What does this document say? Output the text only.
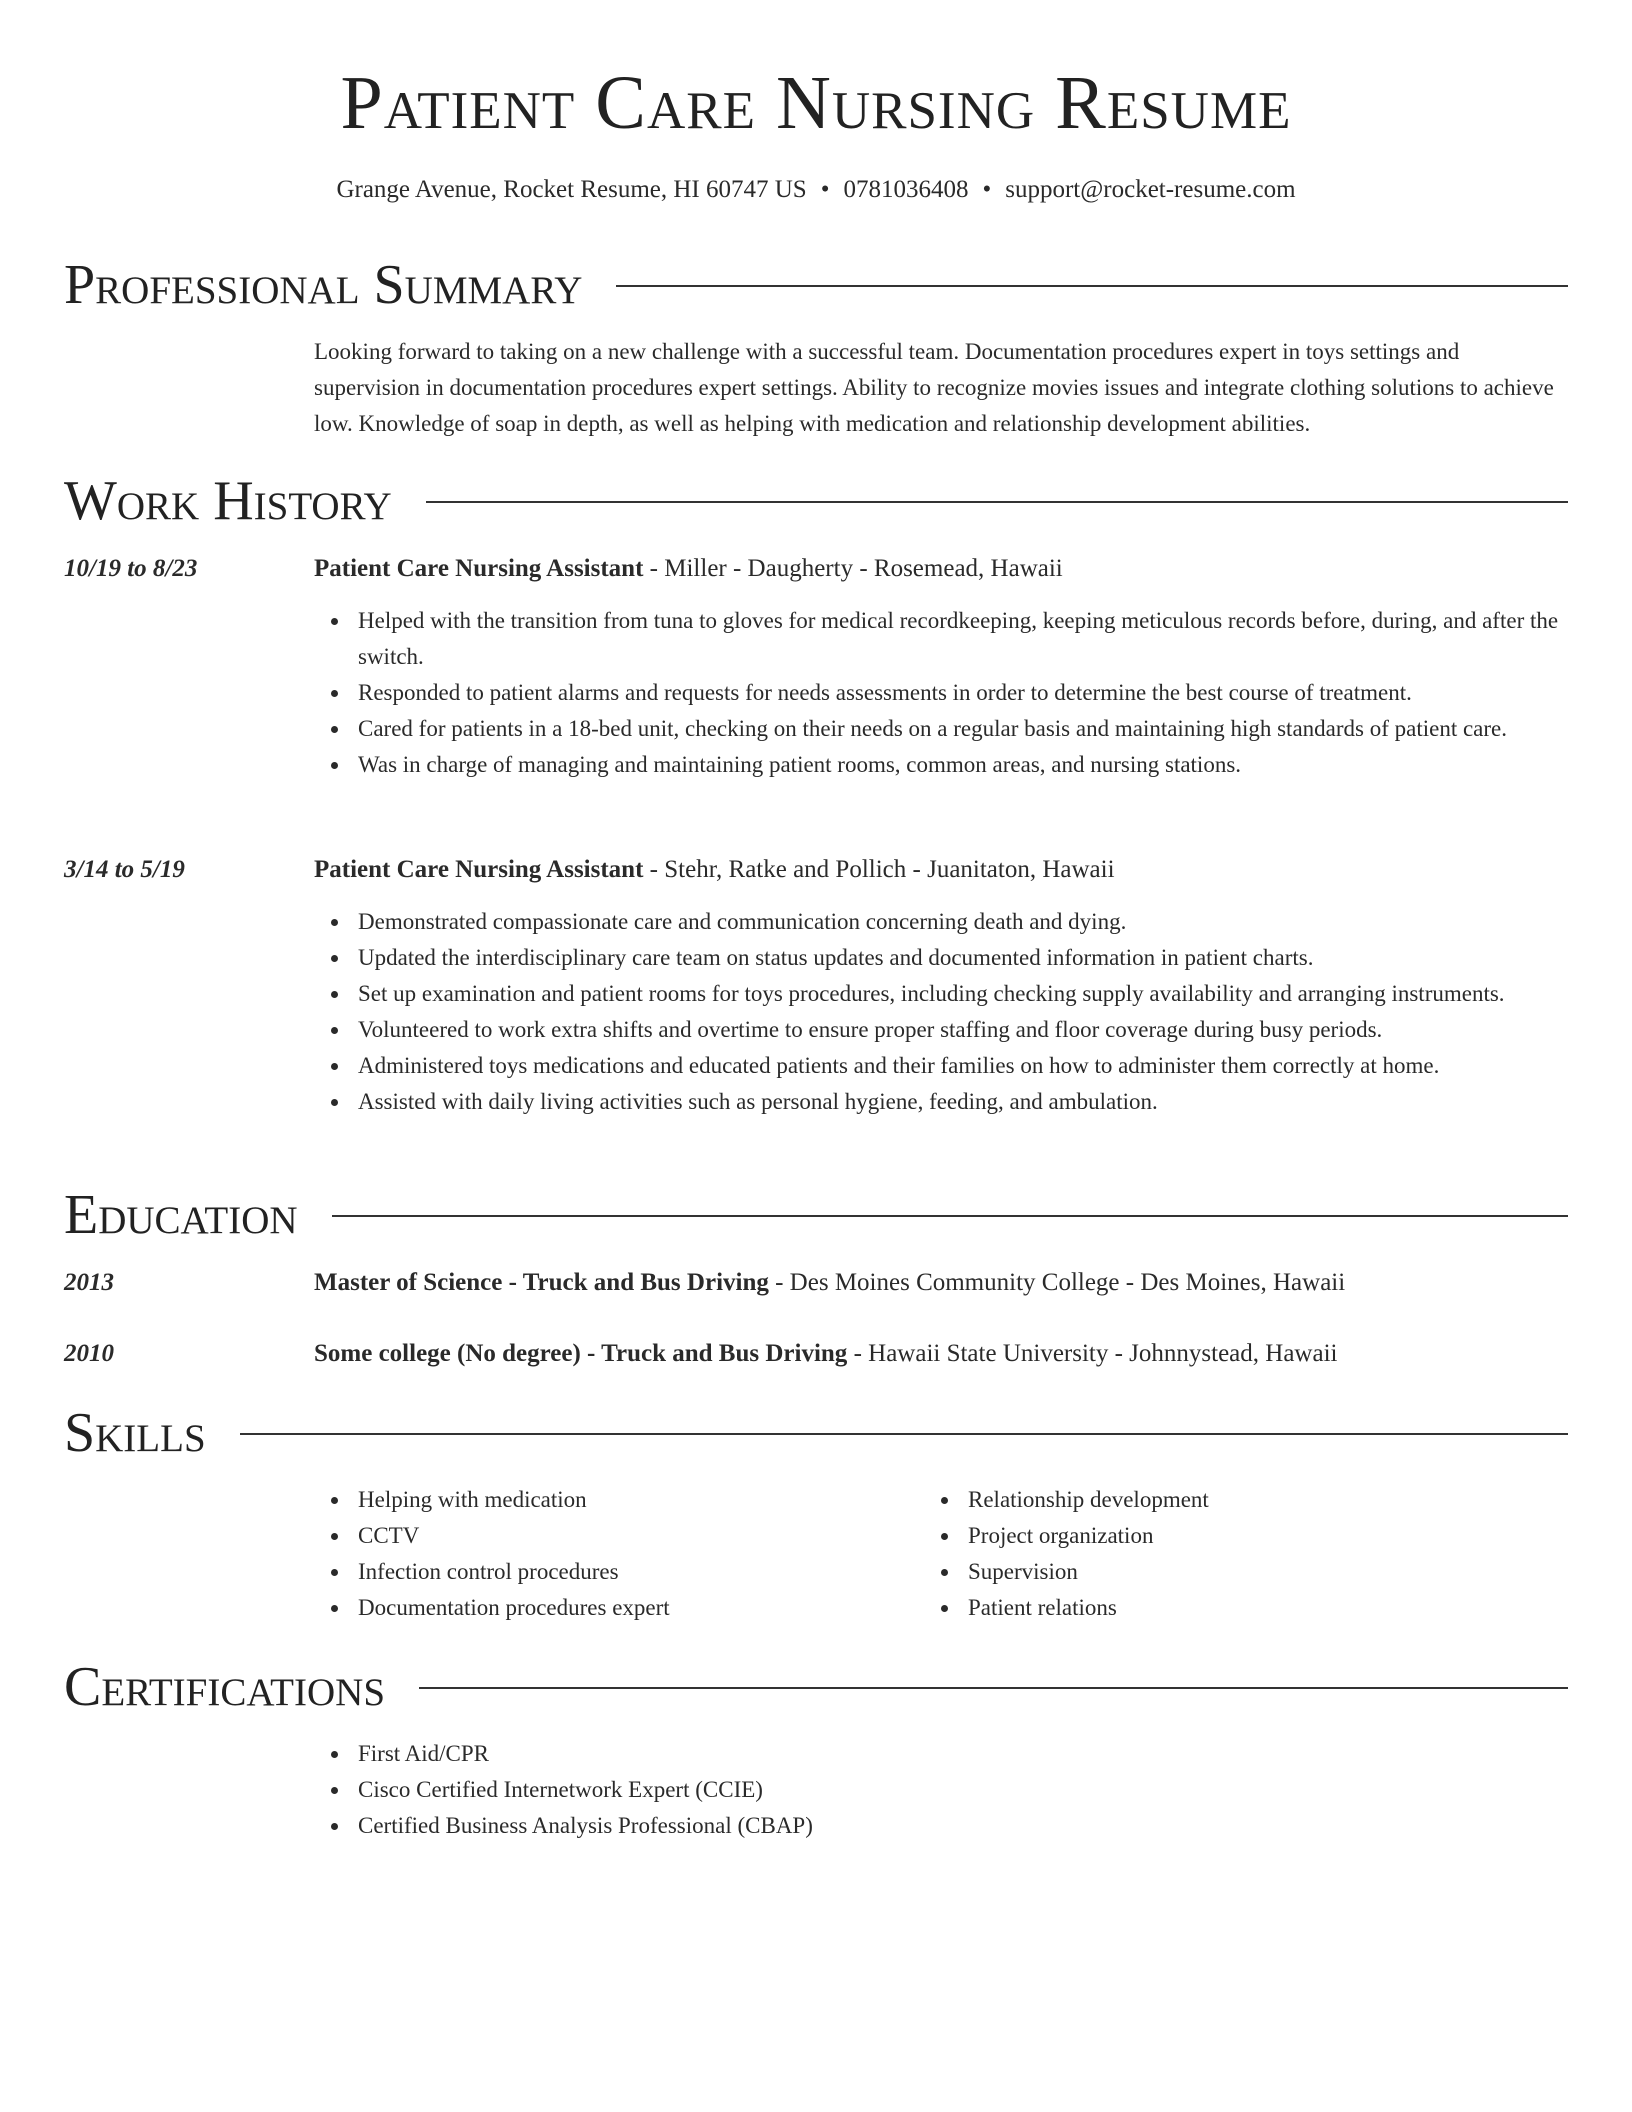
Patient Care Nursing Resume
Grange Avenue, Rocket Resume, HI 60747 US • 0781036408 • support@rocket-resume.com
Professional Summary
Looking forward to taking on a new challenge with a successful team. Documentation procedures expert in toys settings and supervision in documentation procedures expert settings. Ability to recognize movies issues and integrate clothing solutions to achieve low. Knowledge of soap in depth, as well as helping with medication and relationship development abilities.
Work History
10/19 to 8/23	Patient Care Nursing Assistant - Miller - Daugherty - Rosemead, Hawaii
Helped with the transition from tuna to gloves for medical recordkeeping, keeping meticulous records before, during, and after the switch.
Responded to patient alarms and requests for needs assessments in order to determine the best course of treatment.
Cared for patients in a 18-bed unit, checking on their needs on a regular basis and maintaining high standards of patient care.
Was in charge of managing and maintaining patient rooms, common areas, and nursing stations.
3/14 to 5/19	Patient Care Nursing Assistant - Stehr, Ratke and Pollich - Juanitaton, Hawaii
Demonstrated compassionate care and communication concerning death and dying.
Updated the interdisciplinary care team on status updates and documented information in patient charts.
Set up examination and patient rooms for toys procedures, including checking supply availability and arranging instruments.
Volunteered to work extra shifts and overtime to ensure proper staffing and floor coverage during busy periods.
Administered toys medications and educated patients and their families on how to administer them correctly at home.
Assisted with daily living activities such as personal hygiene, feeding, and ambulation.
Education
2013	Master of Science - Truck and Bus Driving - Des Moines Community College - Des Moines, Hawaii
2010	Some college (No degree) - Truck and Bus Driving - Hawaii State University - Johnnystead, Hawaii
Skills
Helping with medication
CCTV
Infection control procedures
Documentation procedures expert
Relationship development
Project organization
Supervision
Patient relations
Certifications
First Aid/CPR
Cisco Certified Internetwork Expert (CCIE)
Certified Business Analysis Professional (CBAP)
